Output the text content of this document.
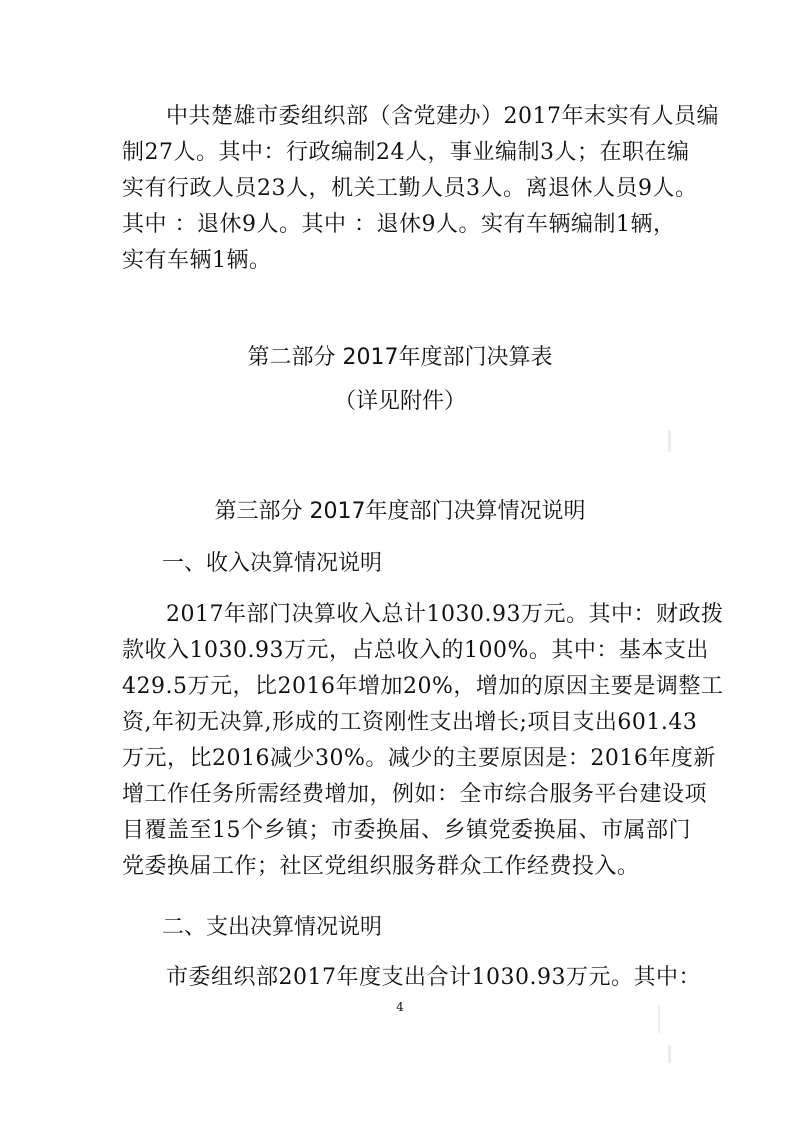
中共楚雄市委组织部（含党建办）2017年末实有人员编
制27人。其中：行政编制24人，事业编制3人；在职在编
实有行政人员23人，机关工勤人员3人。离退休人员9人。
其中 ：退休9人。其中 ：退休9人。实有车辆编制1辆，
实有车辆1辆。
第二部分 2017年度部门决算表
（详见附件）
第三部分 2017年度部门决算情况说明
一、收入决算情况说明
2017年部门决算收入总计1030.93万元。其中：财政拨
款收入1030.93万元，占总收入的100%。其中：基本支出
429.5万元，比2016年增加20%，增加的原因主要是调整工
资,年初无决算,形成的工资刚性支出增长;项目支出601.43
万元，比2016减少30%。减少的主要原因是：2016年度新
增工作任务所需经费增加，例如：全市综合服务平台建设项
目覆盖至15个乡镇；市委换届、乡镇党委换届、市属部门
党委换届工作；社区党组织服务群众工作经费投入。
二、支出决算情况说明
市委组织部2017年度支出合计1030.93万元。其中：
4
